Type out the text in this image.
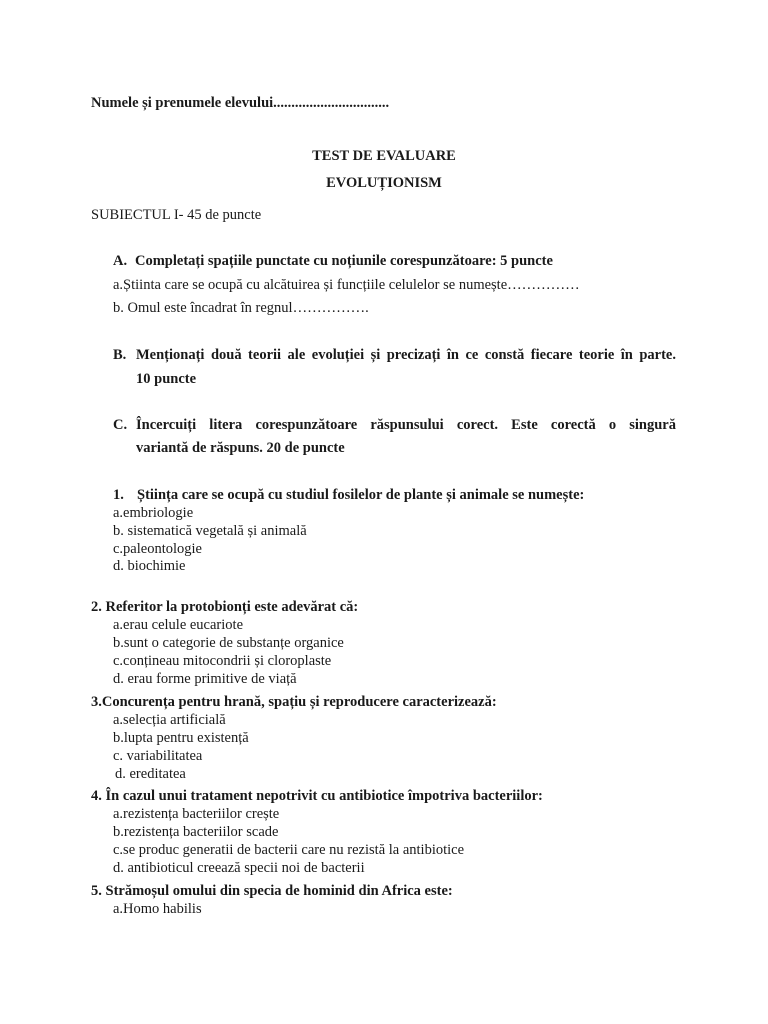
Numele și prenumele elevului................................
TEST DE EVALUARE
EVOLUȚIONISM
SUBIECTUL I- 45 de puncte
A. Completați spațiile punctate cu noțiunile corespunzătoare: 5 puncte
a.Știinta care se ocupă cu alcătuirea și funcțiile celulelor se numește……………
b. Omul este încadrat în regnul…………….
B. Menționați două teorii ale evoluției și precizați în ce constă fiecare teorie în parte.
10 puncte
C. Încercuiți litera corespunzătoare răspunsului corect. Este corectă o singură
variantă de răspuns. 20 de puncte
1. Știința care se ocupă cu studiul fosilelor de plante și animale se numește:
a.embriologie
b. sistematică vegetală și animală
c.paleontologie
d. biochimie
2. Referitor la protobionți este adevărat că:
a.erau celule eucariote
b.sunt o categorie de substanțe organice
c.conțineau mitocondrii și cloroplaste
d. erau forme primitive de viață
3.Concurența pentru hrană, spațiu și reproducere caracterizează:
a.selecția artificială
b.lupta pentru existență
c. variabilitatea
d. ereditatea
4. În cazul unui tratament nepotrivit cu antibiotice împotriva bacteriilor:
a.rezistența bacteriilor crește
b.rezistența bacteriilor scade
c.se produc generatii de bacterii care nu rezistă la antibiotice
d. antibioticul creează specii noi de bacterii
5. Strămoșul omului din specia de hominid din Africa este:
a.Homo habilis
